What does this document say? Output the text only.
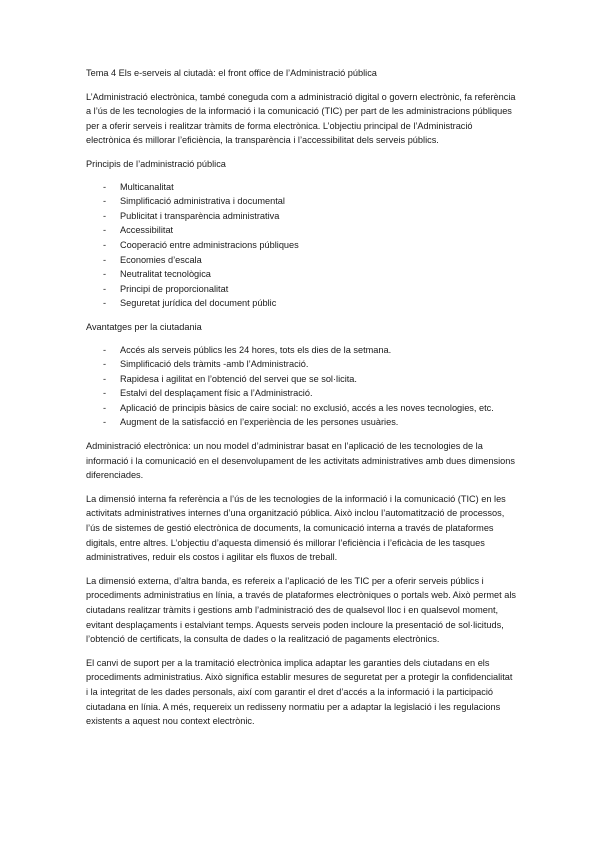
Tema 4 Els e-serveis al ciutadà: el front office de l’Administració pública

L’Administració electrònica, també coneguda com a administració digital o govern electrònic, fa referència a l’ús de les tecnologies de la informació i la comunicació (TIC) per part de les administracions públiques per a oferir serveis i realitzar tràmits de forma electrònica. L’objectiu principal de l’Administració electrònica és millorar l’eficiència, la transparència i l’accessibilitat dels serveis públics.

Principis de l’administració pública

- Multicanalitat
- Simplificació administrativa i documental
- Publicitat i transparència administrativa
- Accessibilitat
- Cooperació entre administracions públiques
- Economies d’escala
- Neutralitat tecnològica
- Principi de proporcionalitat
- Seguretat jurídica del document públic

Avantatges per la ciutadania

- Accés als serveis públics les 24 hores, tots els dies de la setmana.
- Simplificació dels tràmits -amb l’Administració.
- Rapidesa i agilitat en l’obtenció del servei que se sol·licita.
- Estalvi del desplaçament físic a l’Administració.
- Aplicació de principis bàsics de caire social: no exclusió, accés a les noves tecnologies, etc.
- Augment de la satisfacció en l’experiència de les persones usuàries.

Administració electrònica: un nou model d’administrar basat en l’aplicació de les tecnologies de la informació i la comunicació en el desenvolupament de les activitats administratives amb dues dimensions diferenciades.

La dimensió interna fa referència a l’ús de les tecnologies de la informació i la comunicació (TIC) en les activitats administratives internes d’una organització pública. Això inclou l’automatització de processos, l’ús de sistemes de gestió electrònica de documents, la comunicació interna a través de plataformes digitals, entre altres. L’objectiu d’aquesta dimensió és millorar l’eficiència i l’eficàcia de les tasques administratives, reduir els costos i agilitar els fluxos de treball.

La dimensió externa, d’altra banda, es refereix a l’aplicació de les TIC per a oferir serveis públics i procediments administratius en línia, a través de plataformes electròniques o portals web. Això permet als ciutadans realitzar tràmits i gestions amb l’administració des de qualsevol lloc i en qualsevol moment, evitant desplaçaments i estalviant temps. Aquests serveis poden incloure la presentació de sol·licituds, l’obtenció de certificats, la consulta de dades o la realització de pagaments electrònics.

El canvi de suport per a la tramitació electrònica implica adaptar les garanties dels ciutadans en els procediments administratius. Això significa establir mesures de seguretat per a protegir la confidencialitat i la integritat de les dades personals, així com garantir el dret d’accés a la informació i la participació ciutadana en línia. A més, requereix un redisseny normatiu per a adaptar la legislació i les regulacions existents a aquest nou context electrònic.
